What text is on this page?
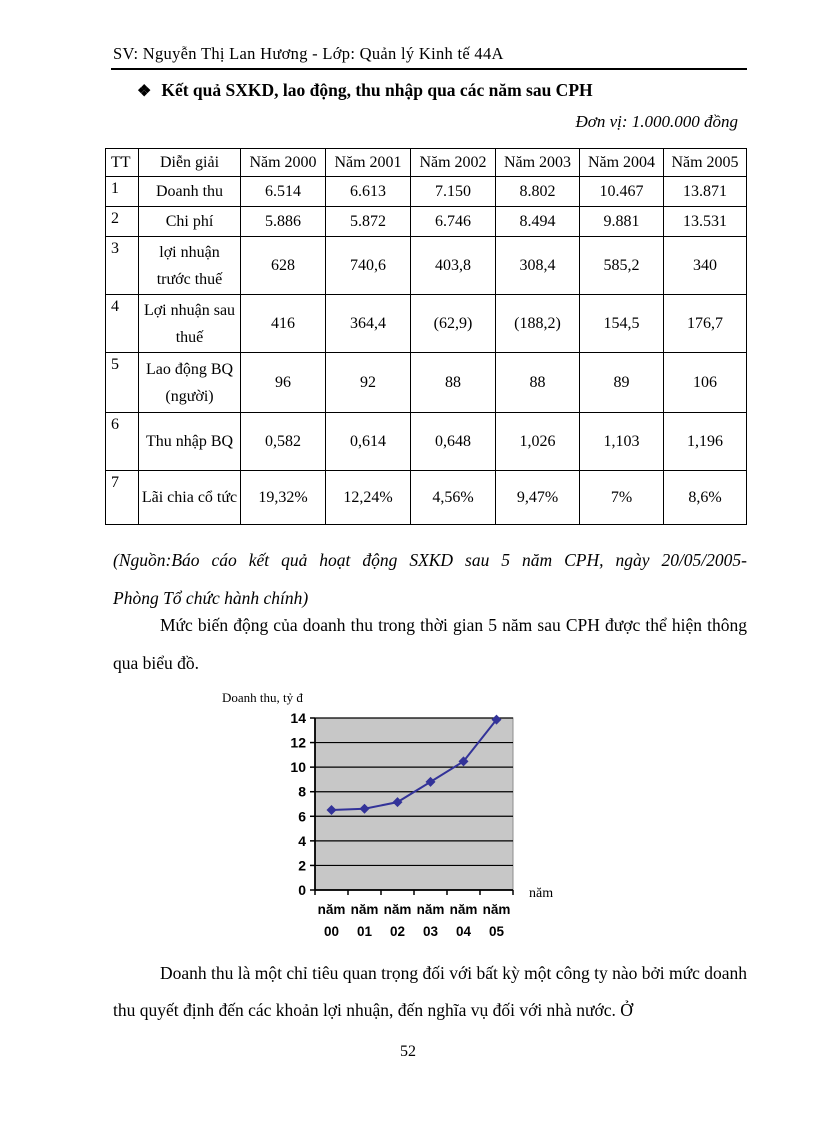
SV: Nguyễn Thị Lan Hương - Lớp: Quản lý Kinh tế 44A
❖ Kết quả SXKD, lao động, thu nhập qua các năm sau CPH
Đơn vị: 1.000.000 đồng
TT	Diễn giải	Năm 2000	Năm 2001	Năm 2002	Năm 2003	Năm 2004	Năm 2005
1	Doanh thu	6.514	6.613	7.150	8.802	10.467	13.871
2	Chi phí	5.886	5.872	6.746	8.494	9.881	13.531
3	lợi nhuận trước thuế	628	740,6	403,8	308,4	585,2	340
4	Lợi nhuận sau thuế	416	364,4	(62,9)	(188,2)	154,5	176,7
5	Lao động BQ (người)	96	92	88	88	89	106
6	Thu nhập BQ	0,582	0,614	0,648	1,026	1,103	1,196
7	Lãi chia cổ tức	19,32%	12,24%	4,56%	9,47%	7%	8,6%
(Nguồn:Báo cáo kết quả hoạt động SXKD sau 5 năm CPH, ngày 20/05/2005-
Phòng Tổ chức hành chính)
Mức biến động của doanh thu trong thời gian 5 năm sau CPH được thể hiện thông qua biểu đồ.
Doanh thu, tỷ đ
năm
0
2
4
6
8
10
12
14
năm
00
năm
01
năm
02
năm
03
năm
04
năm
05
Doanh thu là một chỉ tiêu quan trọng đối với bất kỳ một công ty nào bởi mức doanh thu quyết định đến các khoản lợi nhuận, đến nghĩa vụ đối với nhà nước. Ở
52
